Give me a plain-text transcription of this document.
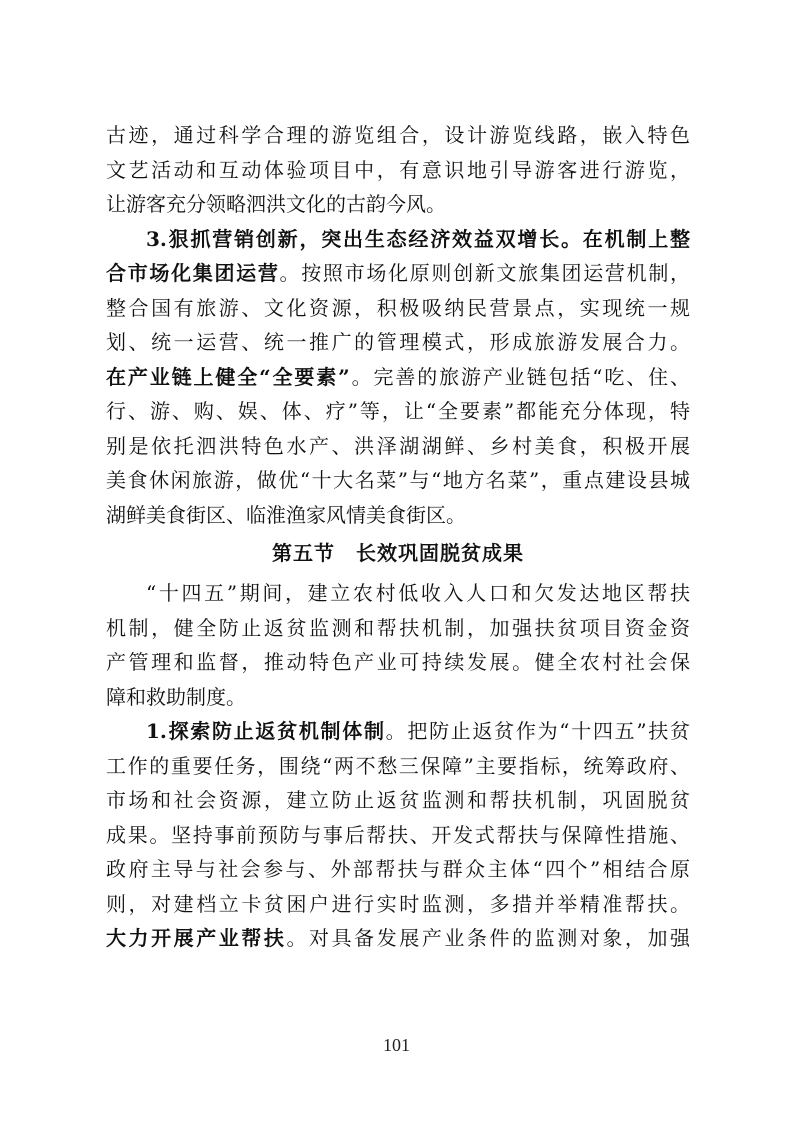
古迹，通过科学合理的游览组合，设计游览线路，嵌入特色
文艺活动和互动体验项目中，有意识地引导游客进行游览，
让游客充分领略泗洪文化的古韵今风。
3.狠抓营销创新，突出生态经济效益双增长。在机制上整
合市场化集团运营。按照市场化原则创新文旅集团运营机制，
整合国有旅游、文化资源，积极吸纳民营景点，实现统一规
划、统一运营、统一推广的管理模式，形成旅游发展合力。
在产业链上健全“全要素”。完善的旅游产业链包括“吃、住、
行、游、购、娱、体、疗”等，让“全要素”都能充分体现，特
别是依托泗洪特色水产、洪泽湖湖鲜、乡村美食，积极开展
美食休闲旅游，做优“十大名菜”与“地方名菜”，重点建设县城
湖鲜美食街区、临淮渔家风情美食街区。
第五节　长效巩固脱贫成果
“十四五”期间，建立农村低收入人口和欠发达地区帮扶
机制，健全防止返贫监测和帮扶机制，加强扶贫项目资金资
产管理和监督，推动特色产业可持续发展。健全农村社会保
障和救助制度。
1.探索防止返贫机制体制。把防止返贫作为“十四五”扶贫
工作的重要任务，围绕“两不愁三保障”主要指标，统筹政府、
市场和社会资源，建立防止返贫监测和帮扶机制，巩固脱贫
成果。坚持事前预防与事后帮扶、开发式帮扶与保障性措施、
政府主导与社会参与、外部帮扶与群众主体“四个”相结合原
则，对建档立卡贫困户进行实时监测，多措并举精准帮扶。
大力开展产业帮扶。对具备发展产业条件的监测对象，加强
101
